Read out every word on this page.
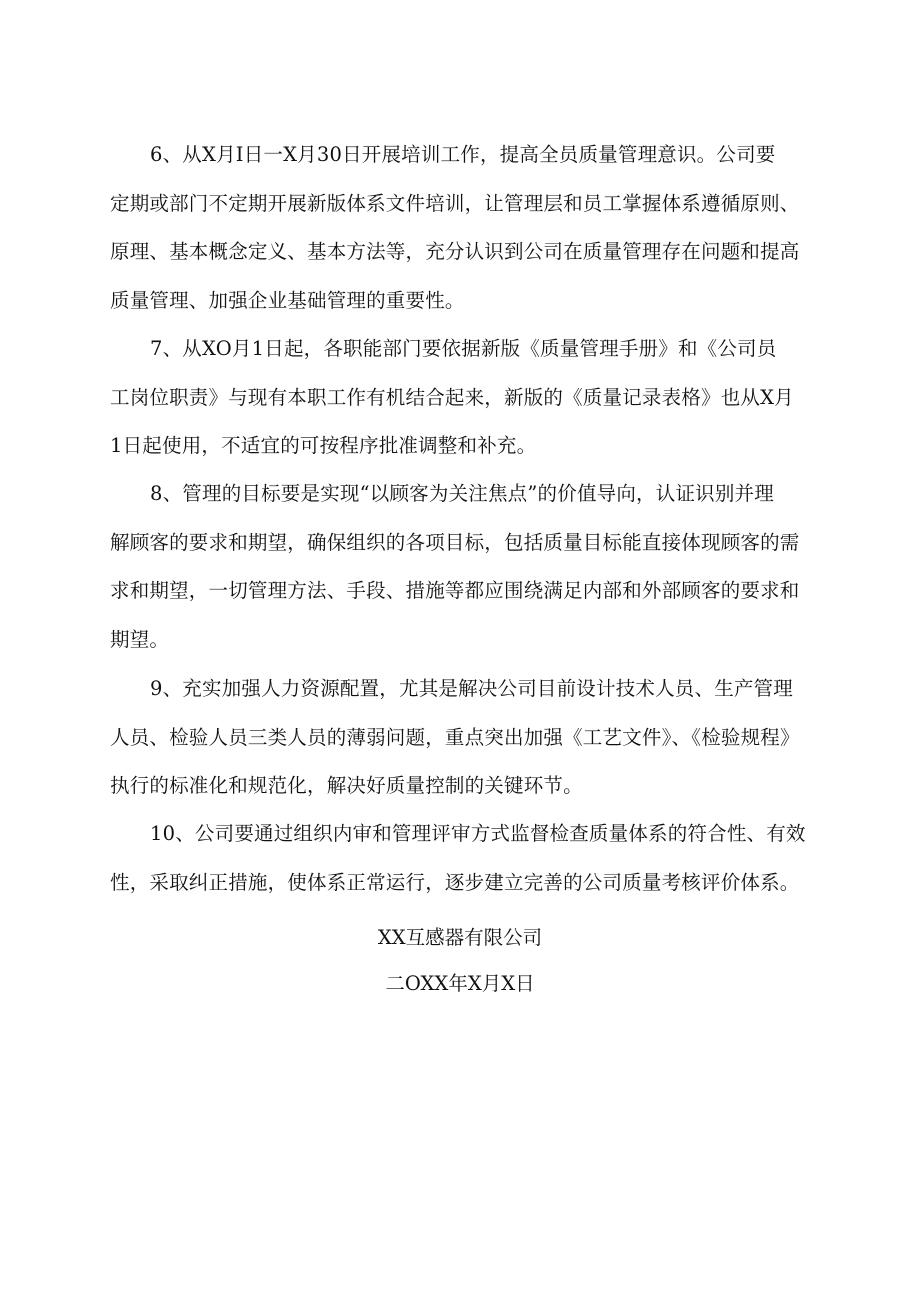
6、从X月I日一X月30日开展培训工作，提高全员质量管理意识。公司要
定期或部门不定期开展新版体系文件培训，让管理层和员工掌握体系遵循原则、
原理、基本概念定义、基本方法等，充分认识到公司在质量管理存在问题和提高
质量管理、加强企业基础管理的重要性。
7、从XO月1日起，各职能部门要依据新版《质量管理手册》和《公司员
工岗位职责》与现有本职工作有机结合起来，新版的《质量记录表格》也从X月
1日起使用，不适宜的可按程序批准调整和补充。
8、管理的目标要是实现“以顾客为关注焦点”的价值导向，认证识别并理
解顾客的要求和期望，确保组织的各项目标，包括质量目标能直接体现顾客的需
求和期望，一切管理方法、手段、措施等都应围绕满足内部和外部顾客的要求和
期望。
9、充实加强人力资源配置，尤其是解决公司目前设计技术人员、生产管理
人员、检验人员三类人员的薄弱问题，重点突出加强《工艺文件》、《检验规程》
执行的标准化和规范化，解决好质量控制的关键环节。
10、公司要通过组织内审和管理评审方式监督检查质量体系的符合性、有效
性，采取纠正措施，使体系正常运行，逐步建立完善的公司质量考核评价体系。

XX互感器有限公司

二OXX年X月X日
